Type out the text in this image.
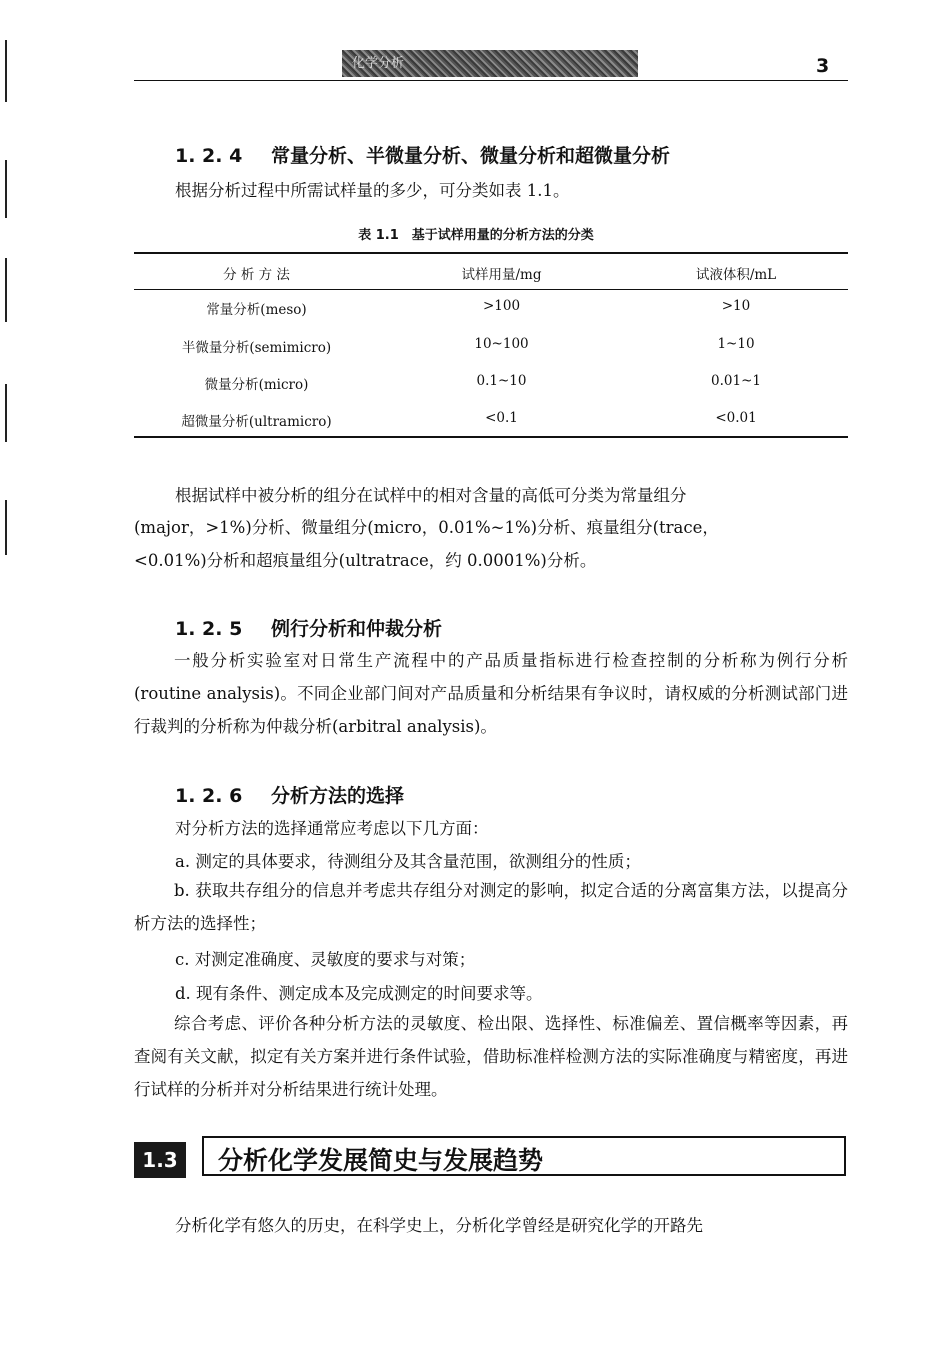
化学分析	3
1. 2. 4 常量分析、半微量分析、微量分析和超微量分析
根据分析过程中所需试样量的多少，可分类如表 1.1。
表 1.1　基于试样用量的分析方法的分类
分 析 方 法	试样用量/mg	试液体积/mL
常量分析(meso)	>100	>10
半微量分析(semimicro)	10~100	1~10
微量分析(micro)	0.1~10	0.01~1
超微量分析(ultramicro)	<0.1	<0.01
根据试样中被分析的组分在试样中的相对含量的高低可分类为常量组分
(major，>1%)分析、微量组分(micro，0.01%~1%)分析、痕量组分(trace，
<0.01%)分析和超痕量组分(ultratrace，约 0.0001%)分析。
1. 2. 5 例行分析和仲裁分析

一般分析实验室对日常生产流程中的产品质量指标进行检查控制的分析称为例行分析(routine analysis)。不同企业部门间对产品质量和分析结果有争议时，请权威的分析测试部门进行裁判的分析称为仲裁分析(arbitral analysis)。

1. 2. 6 分析方法的选择
对分析方法的选择通常应考虑以下几方面：
a. 测定的具体要求，待测组分及其含量范围，欲测组分的性质；

b. 获取共存组分的信息并考虑共存组分对测定的影响，拟定合适的分离富集方法，以提高分析方法的选择性；

c. 对测定准确度、灵敏度的要求与对策；
d. 现有条件、测定成本及完成测定的时间要求等。

综合考虑、评价各种分析方法的灵敏度、检出限、选择性、标准偏差、置信概率等因素，再查阅有关文献，拟定有关方案并进行条件试验，借助标准样检测方法的实际准确度与精密度，再进行试样的分析并对分析结果进行统计处理。

1.3	分析化学发展简史与发展趋势
分析化学有悠久的历史，在科学史上，分析化学曾经是研究化学的开路先
